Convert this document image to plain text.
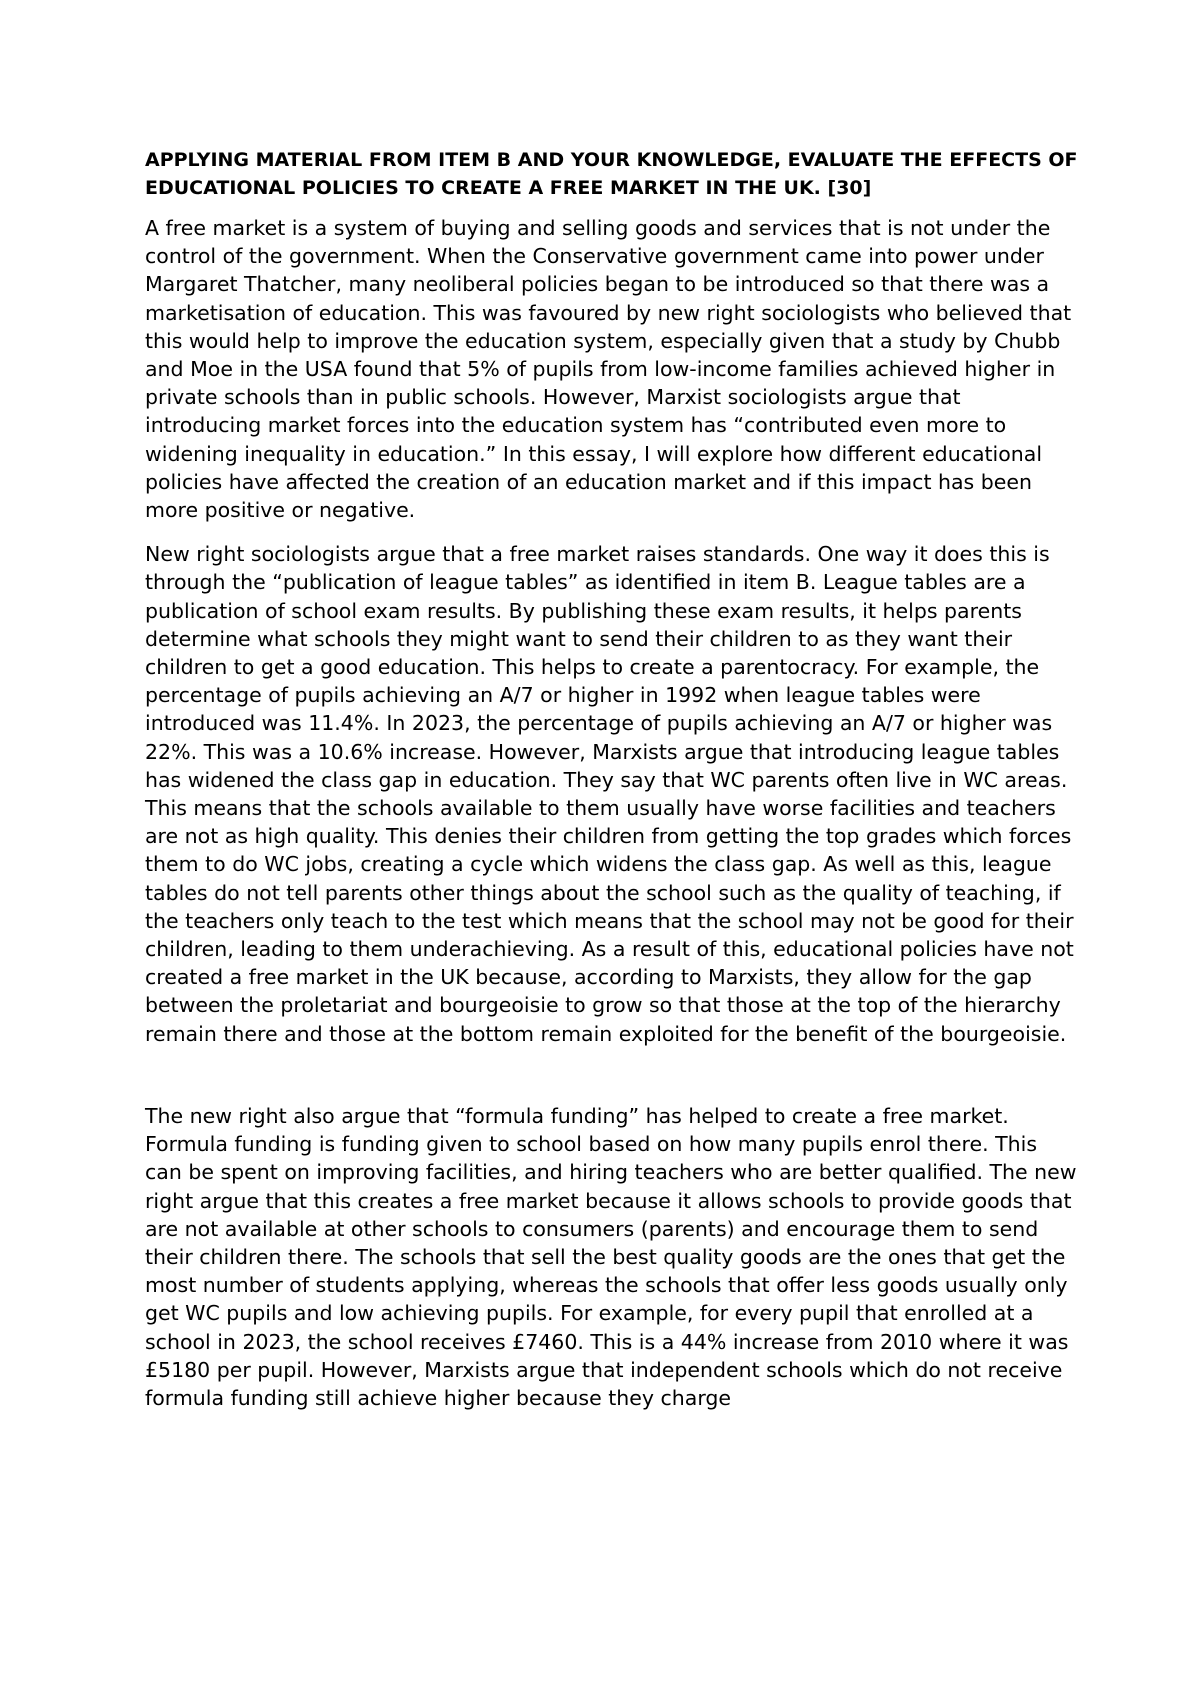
APPLYING MATERIAL FROM ITEM B AND YOUR KNOWLEDGE, EVALUATE THE EFFECTS OF EDUCATIONAL POLICIES TO CREATE A FREE MARKET IN THE UK. [30]

A free market is a system of buying and selling goods and services that is not under the control of the government. When the Conservative government came into power under Margaret Thatcher, many neoliberal policies began to be introduced so that there was a marketisation of education. This was favoured by new right sociologists who believed that this would help to improve the education system, especially given that a study by Chubb and Moe in the USA found that 5% of pupils from low-income families achieved higher in private schools than in public schools. However, Marxist sociologists argue that introducing market forces into the education system has “contributed even more to widening inequality in education.” In this essay, I will explore how different educational policies have affected the creation of an education market and if this impact has been more positive or negative.

New right sociologists argue that a free market raises standards. One way it does this is through the “publication of league tables” as identified in item B. League tables are a publication of school exam results. By publishing these exam results, it helps parents determine what schools they might want to send their children to as they want their children to get a good education. This helps to create a parentocracy. For example, the percentage of pupils achieving an A/7 or higher in 1992 when league tables were introduced was 11.4%. In 2023, the percentage of pupils achieving an A/7 or higher was 22%. This was a 10.6% increase. However, Marxists argue that introducing league tables has widened the class gap in education. They say that WC parents often live in WC areas. This means that the schools available to them usually have worse facilities and teachers are not as high quality. This denies their children from getting the top grades which forces them to do WC jobs, creating a cycle which widens the class gap. As well as this, league tables do not tell parents other things about the school such as the quality of teaching, if the teachers only teach to the test which means that the school may not be good for their children, leading to them underachieving. As a result of this, educational policies have not created a free market in the UK because, according to Marxists, they allow for the gap between the proletariat and bourgeoisie to grow so that those at the top of the hierarchy remain there and those at the bottom remain exploited for the benefit of the bourgeoisie.

The new right also argue that “formula funding” has helped to create a free market. Formula funding is funding given to school based on how many pupils enrol there. This can be spent on improving facilities, and hiring teachers who are better qualified. The new right argue that this creates a free market because it allows schools to provide goods that are not available at other schools to consumers (parents) and encourage them to send their children there. The schools that sell the best quality goods are the ones that get the most number of students applying, whereas the schools that offer less goods usually only get WC pupils and low achieving pupils. For example, for every pupil that enrolled at a school in 2023, the school receives £7460. This is a 44% increase from 2010 where it was £5180 per pupil. However, Marxists argue that independent schools which do not receive formula funding still achieve higher because they charge
